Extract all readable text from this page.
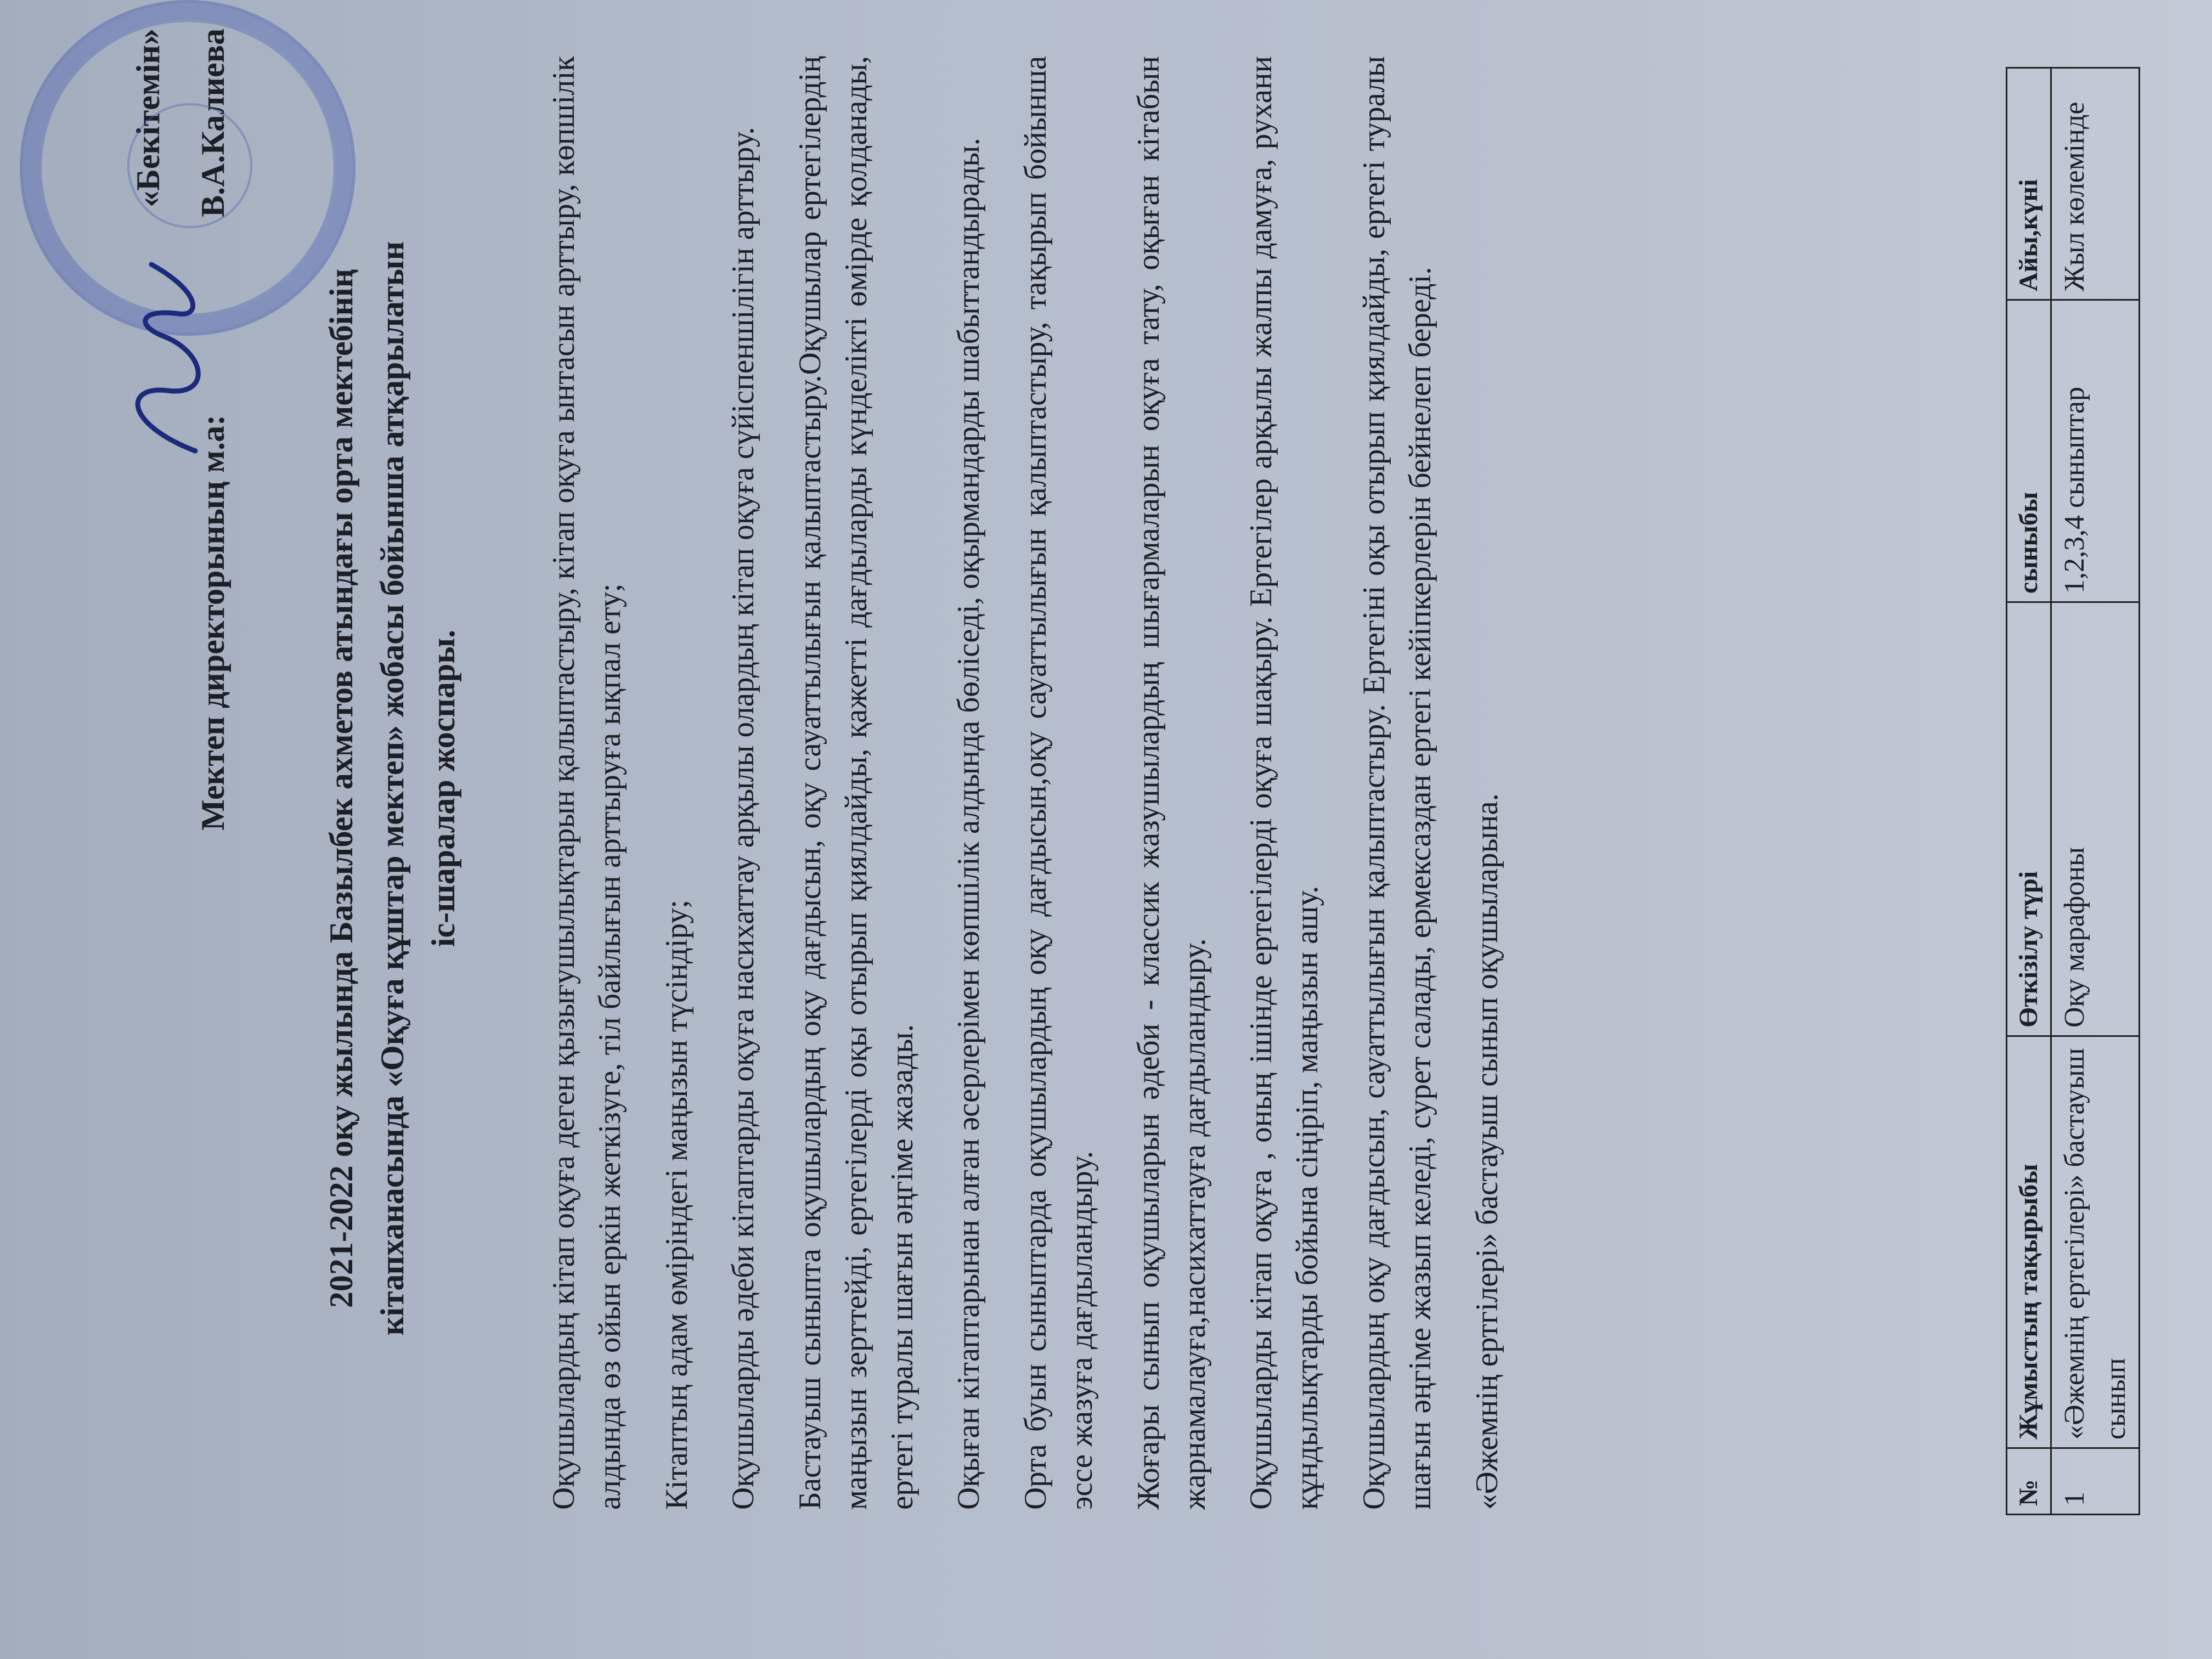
«Бекітемін»
Мектеп директорының м.а:  В.А.Калиева
2021-2022 оқу жылында Базылбек ахметов атындағы орта мектебінің кітапханасында «Оқуға құштар мектеп» жобасы бойынша атқарылатын іс-шаралар жоспары.	Оқушылардың кітап оқуға деген қызығушылықтарын қалыптастыру, кітап оқуға ынтасын арттыру, көпшілік алдында өз ойын еркін жеткізуге, тіл байлығын арттыруға ықпал ету; Кітаптың адам өміріндегі маңызын түсіндіру; Оқушыларды әдеби кітаптарды оқуға насихаттау арқылы олардың кітап оқуға сүйіспеншілігін арттыру. Бастауыш сыныпта оқушылардың оқу дағдысын, оқу сауаттылығын қалыптастыру.Оқушылар ертегілердің маңызын зерттейді, ертегілерді оқы отырып қиялдайды, қажетті дағдыларды күнделікті өмірде қолданады, ертегі туралы шағын әңгіме жазады. Оқыған кітаптарынан алған әсерлерімен көпшілік алдында бөліседі, оқырмандарды шабыттандырады. Орта буын сыныптарда оқушылардың оқу дағдысын,оқу сауаттылығын қалыптастыру, тақырып бойынша эссе жазуға дағдыландыру. Жоғары сынып оқушыларын әдеби - классик жазушылардың шығармаларын оқуға тату, оқыған кітабын жарнамалауға,насихаттауға дағдыландыру. Оқушыларды кітап оқуға , оның ішінде ертегілерді оқуға шақыру. Ертегілер арқылы жалпы дамуға, рухани құндылықтарды бойына сіңіріп, маңызын ашу. Оқушылардың оқу дағдысын, сауаттылығын қалыптастыру. Ертегіні оқы отырып қиялдайды, ертегі туралы шағын әңгіме жазып келеді, сурет салады, ермексаздан ертегі кейіпкерлерін бейнелеп береді. «Әжемнің ертгілері» бастауыш сынып оқушыларына.	№	Жұмыстың тақырыбы	Өткізілу түрі	сыныбы	Айы,күні
1	«Әжемнің ертегілері» бастауыш сынып	Оқу марафоны	1,2,3,4 сыныптар	Жыл көлемінде
